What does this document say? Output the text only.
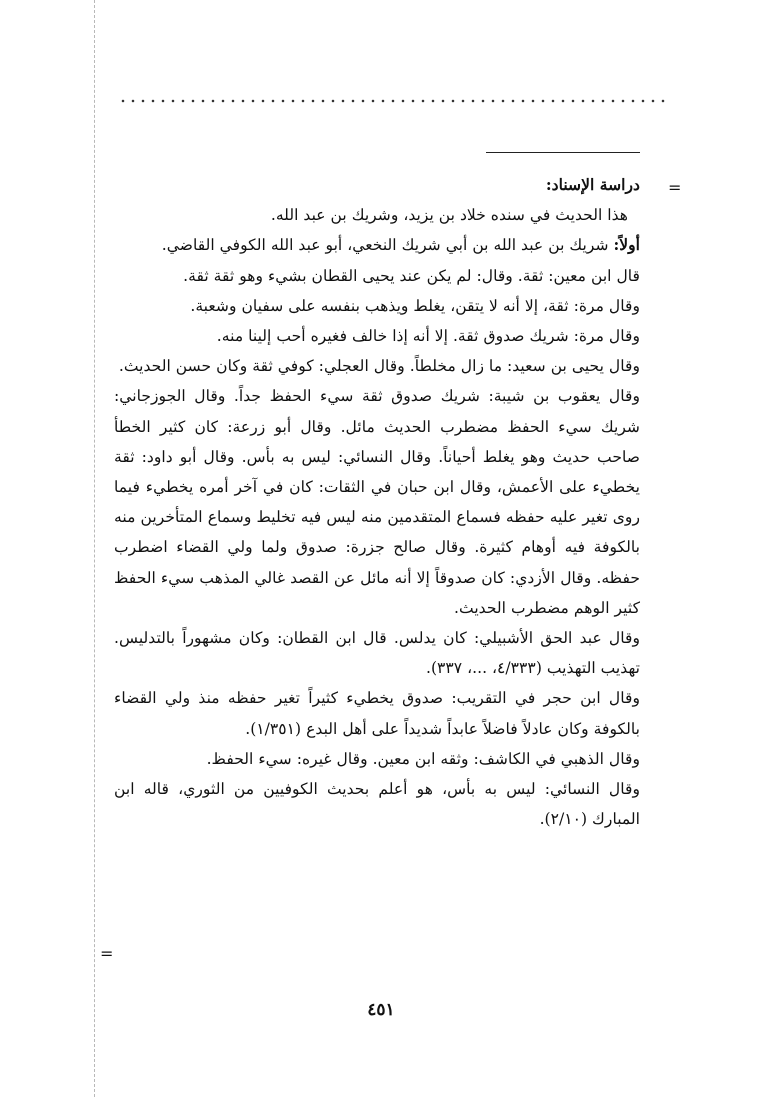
=
=

دراسة الإسناد:

هذا الحديث في سنده خلاد بن يزيد، وشريك بن عبد الله.

أولاً: شريك بن عبد الله بن أبي شريك النخعي، أبو عبد الله الكوفي القاضي.

قال ابن معين: ثقة. وقال: لم يكن عند يحيى القطان بشيء وهو ثقة ثقة.

وقال مرة: ثقة، إلا أنه لا يتقن، يغلط ويذهب بنفسه على سفيان وشعبة.

وقال مرة: شريك صدوق ثقة. إلا أنه إذا خالف فغيره أحب إلينا منه.

وقال يحيى بن سعيد: ما زال مخلطاً. وقال العجلي: كوفي ثقة وكان حسن الحديث.

وقال يعقوب بن شيبة: شريك صدوق ثقة سيء الحفظ جداً. وقال الجوزجاني: شريك سيء الحفظ مضطرب الحديث مائل. وقال أبو زرعة: كان كثير الخطأ صاحب حديث وهو يغلط أحياناً. وقال النسائي: ليس به بأس. وقال أبو داود: ثقة يخطيء على الأعمش، وقال ابن حبان في الثقات: كان في آخر أمره يخطيء فيما روى تغير عليه حفظه فسماع المتقدمين منه ليس فيه تخليط وسماع المتأخرين منه بالكوفة فيه أوهام كثيرة. وقال صالح جزرة: صدوق ولما ولي القضاء اضطرب حفظه. وقال الأزدي: كان صدوقاً إلا أنه مائل عن القصد غالي المذهب سيء الحفظ كثير الوهم مضطرب الحديث.

وقال عبد الحق الأشبيلي: كان يدلس. قال ابن القطان: وكان مشهوراً بالتدليس. تهذيب التهذيب (٤/٣٣٣، ...، ٣٣٧).

وقال ابن حجر في التقريب: صدوق يخطيء كثيراً تغير حفظه منذ ولي القضاء بالكوفة وكان عادلاً فاضلاً عابداً شديداً على أهل البدع (١/٣٥١).

وقال الذهبي في الكاشف: وثقه ابن معين. وقال غيره: سيء الحفظ.

وقال النسائي: ليس به بأس، هو أعلم بحديث الكوفيين من الثوري، قاله ابن المبارك (٢/١٠).

٤٥١
